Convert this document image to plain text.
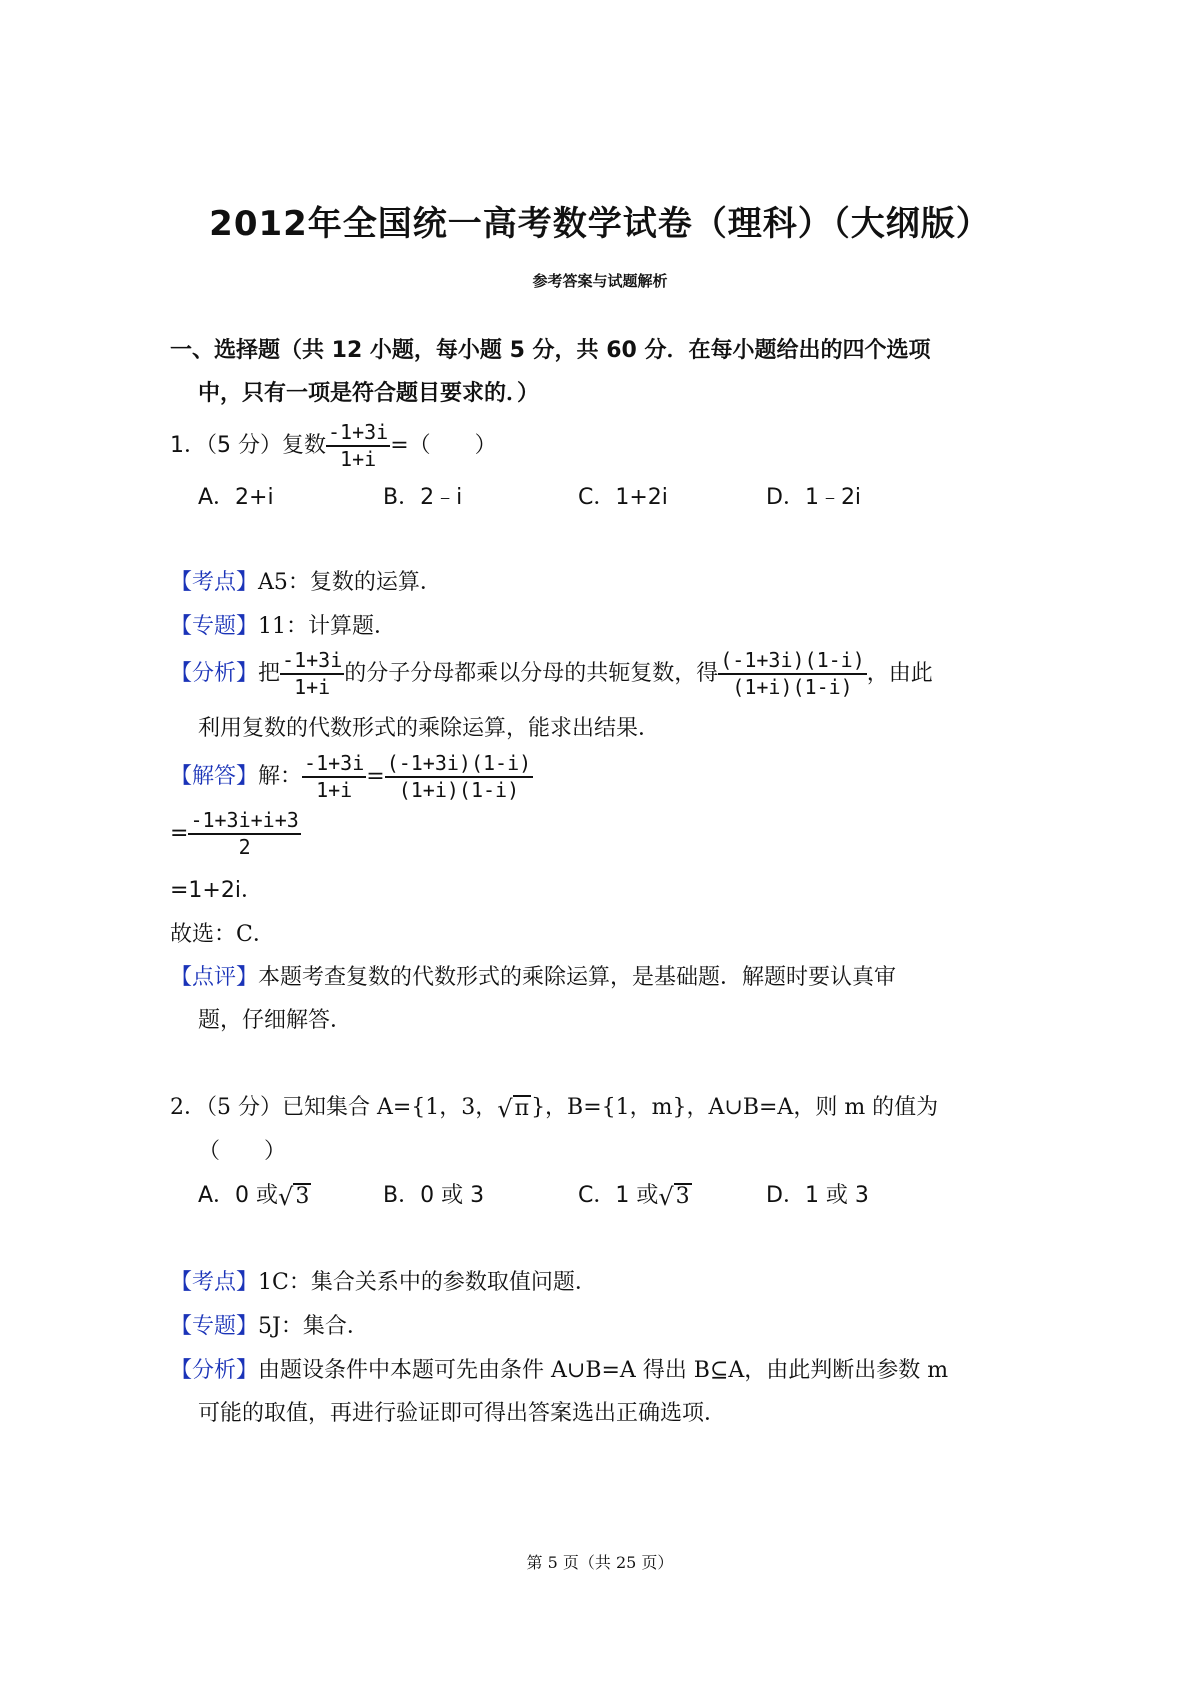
2012年全国统一高考数学试卷（理科）（大纲版）
参考答案与试题解析
一、选择题（共 12 小题，每小题 5 分，共 60 分．在每小题给出的四个选项
中，只有一项是符合题目要求的．）
1．（5 分）复数 $\frac{-1+3i}{1+i}$ =（　　）
A．2+i	B．2﹣i	C．1+2i	D．1﹣2i
【考点】A5：复数的运算．
【专题】11：计算题．
【分析】把 $\frac{-1+3i}{1+i}$ 的分子分母都乘以分母的共轭复数，得 $\frac{(-1+3i)(1-i)}{(1+i)(1-i)}$ ，由此
利用复数的代数形式的乘除运算，能求出结果．
【解答】解： $\frac{-1+3i}{1+i} = \frac{(-1+3i)(1-i)}{(1+i)(1-i)}$
= $\frac{-1+3i+i+3}{2}$
=1+2i．
故选：C．
【点评】本题考查复数的代数形式的乘除运算，是基础题．解题时要认真审
题，仔细解答．
2．（5 分）已知集合 A={1，3， √ π }，B={1，m}，A∪B=A，则 m 的值为
（　　）
A．0 或 √ 3	B．0 或 3	C．1 或 √ 3	D．1 或 3
【考点】1C：集合关系中的参数取值问题．
【专题】5J：集合．
【分析】由题设条件中本题可先由条件 A∪B=A 得出 B⊆A，由此判断出参数 m
可能的取值，再进行验证即可得出答案选出正确选项．
第 5 页（共 25 页）
